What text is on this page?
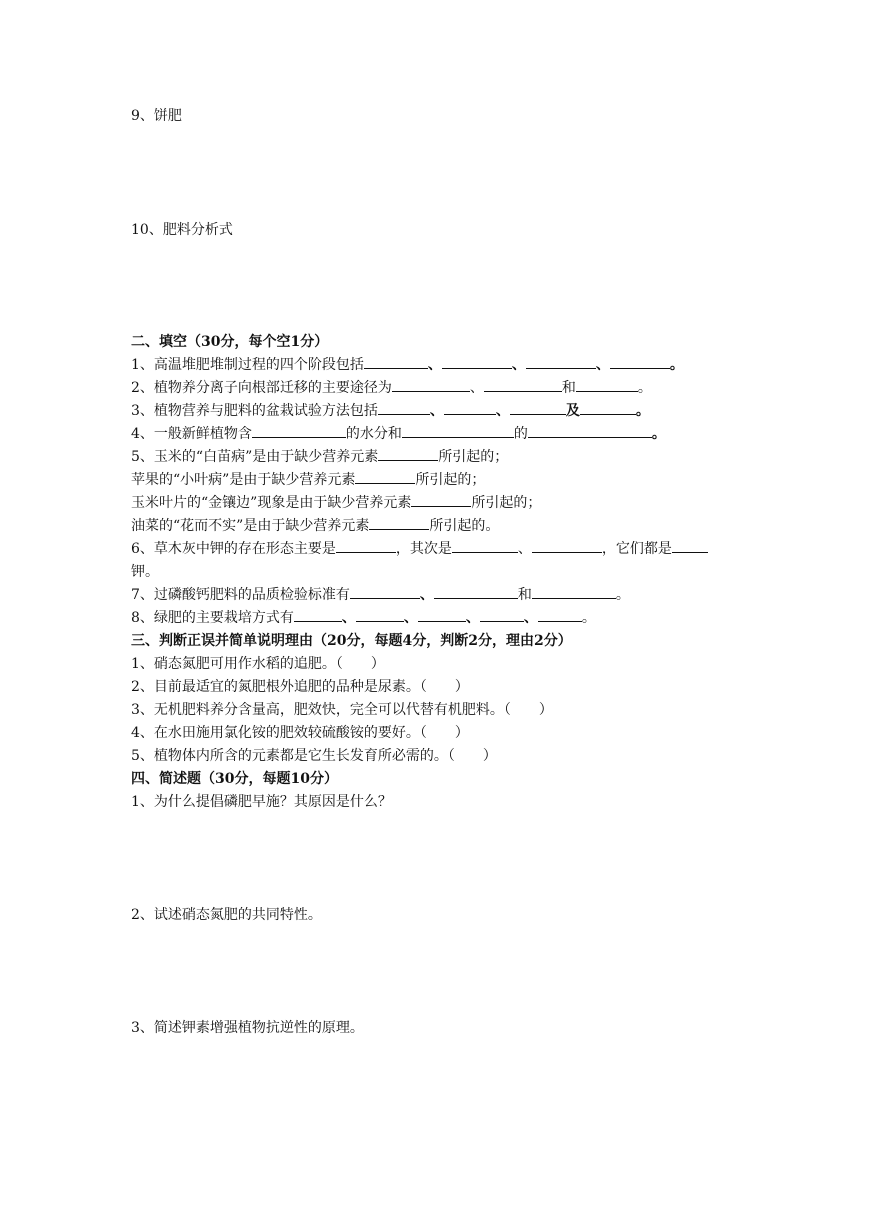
9、饼肥
10、肥料分析式
二、填空（30分，每个空1分）
1、高温堆肥堆制过程的四个阶段包括	、	、	、	。
2、植物养分离子向根部迁移的主要途径为	、	和	。
3、植物营养与肥料的盆栽试验方法包括	、	、	及	。
4、一般新鲜植物含	的水分和	的	。
5、玉米的“白苗病”是由于缺少营养元素	所引起的；
苹果的“小叶病”是由于缺少营养元素	所引起的；
玉米叶片的“金镶边”现象是由于缺少营养元素	所引起的；
油菜的“花而不实”是由于缺少营养元素	所引起的。
6、草木灰中钾的存在形态主要是	，其次是	、	，它们都是
钾。
7、过磷酸钙肥料的品质检验标准有	、	和	。
8、绿肥的主要栽培方式有	、	、	、	、	。
三、判断正误并简单说明理由（20分，每题4分，判断2分，理由2分）
1、硝态氮肥可用作水稻的追肥。（　　）
2、目前最适宜的氮肥根外追肥的品种是尿素。（　　）
3、无机肥料养分含量高，肥效快，完全可以代替有机肥料。（　　）
4、在水田施用氯化铵的肥效较硫酸铵的要好。（　　）
5、植物体内所含的元素都是它生长发育所必需的。（　　）
四、简述题（30分，每题10分）
1、为什么提倡磷肥早施？其原因是什么？
2、试述硝态氮肥的共同特性。
3、简述钾素增强植物抗逆性的原理。
